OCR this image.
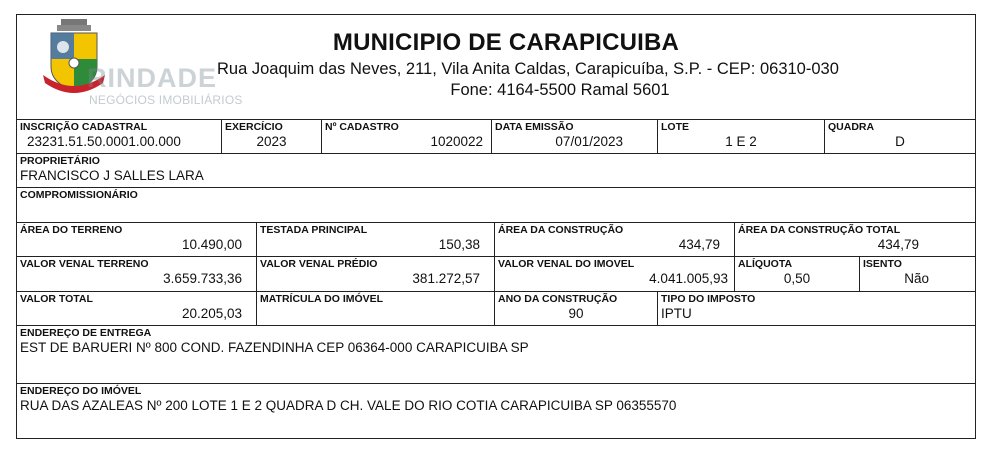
RINDADE
NEGÓCIOS IMOBILIÁRIOS
MUNICIPIO DE CARAPICUIBA
Rua Joaquim das Neves, 211, Vila Anita Caldas, Carapicuíba, S.P. - CEP: 06310-030
Fone: 4164-5500 Ramal 5601
INSCRIÇÃO CADASTRAL
23231.51.50.0001.00.000
EXERCÍCIO
2023
Nº CADASTRO
1020022
DATA EMISSÃO
07/01/2023
LOTE
1 E 2
QUADRA
D
PROPRIETÁRIO
FRANCISCO J SALLES LARA
COMPROMISSIONÁRIO
ÁREA DO TERRENO
10.490,00
TESTADA PRINCIPAL
150,38
ÁREA DA CONSTRUÇÃO
434,79
ÁREA DA CONSTRUÇÃO TOTAL
434,79
VALOR VENAL TERRENO
3.659.733,36
VALOR VENAL PRÉDIO
381.272,57
VALOR VENAL DO IMOVEL
4.041.005,93
ALÍQUOTA
0,50
ISENTO
Não
VALOR TOTAL
20.205,03
MATRÍCULA DO IMÓVEL	ANO DA CONSTRUÇÃO
90
TIPO DO IMPOSTO
IPTU
ENDEREÇO DE ENTREGA
EST DE BARUERI Nº 800 COND. FAZENDINHA CEP 06364-000 CARAPICUIBA SP
ENDEREÇO DO IMÓVEL
RUA DAS AZALEAS Nº 200 LOTE 1 E 2 QUADRA D CH. VALE DO RIO COTIA CARAPICUIBA SP 06355570
